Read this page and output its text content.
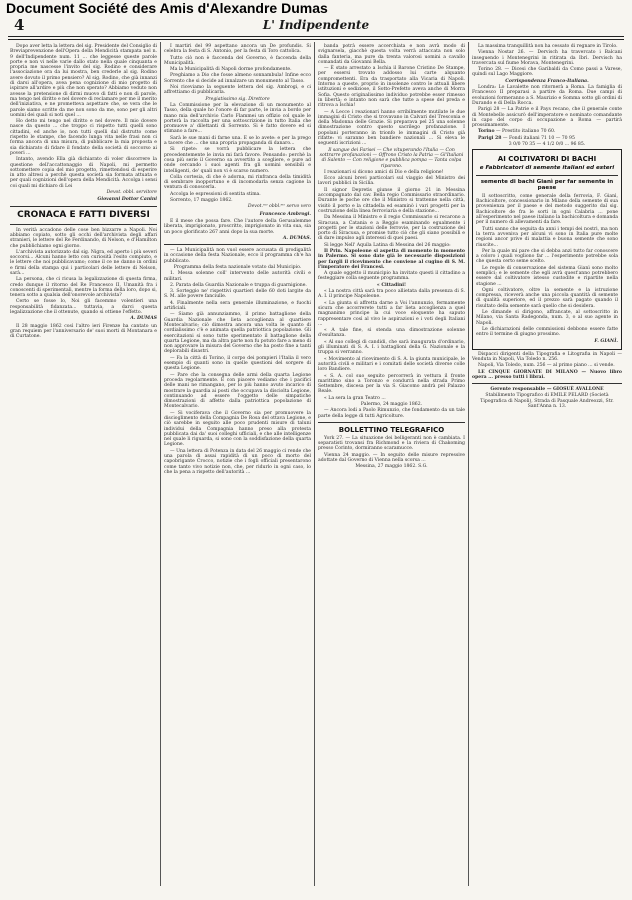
Document Société des Amis d'Alexandre Dumas
4	L' Indipendente

Dopo aver letta la lettera del sig. Presidente del Consiglio di Breviaprevenzione dell'Opera della Mendicità stampata nel n. 9 dell'Indipendente num. 11 ... che leggesse queste parole porte e non vi nelle varie dallo stato nella quale cinquanta e propria me nascesse l'invito del sig. Rodino e considerare l'associazione ora da lui mostra, ben crederle al sig. Rodino avere dovuto il primo pensiero? Al sig. Rodino, che già innanzi di darsi all'opera, avea pena cognizione di mio progetto di ispirare all'ardire e più che non sperato? Abbiamo veduto non avesse la pretensione di dirmi muovo di fatti e non di parole, ma tengo nel diritto e nel dovere di reclamare per me il merito dell'iniziativa, e ne prometteva aspettare che, se vera che le parole siamo scritte da me non sono da me, sono per gli altri uomini dei quali si noti quel ...

Ho detto mi tengo nel diritto e nel dovere. Il mio dovere nasce da questo ... che troppo ci rispetto tutti quelli sono cittadini, ed anche io, non tutti quelli dal distrutto come rispetto le stampe, che facendo lunga vita nelle frasi non ci forma ancora di una misura, di pubblicare la mia proposta e sia dichiarato di fidare il fondato della società di soccorso ai poveri ...

Intanto, avendo Ella già dichiarato di voler discorrere la questione dell'accattonaggio di Napoli, mi permetto sottomettere copia del mio progetto, rimettendosi di esperire in atto altresi a perchè questa società sia formata attuata e per quali cognizioni dell'opera della Mendicità. Accolga i sensi coi quali mi dichiaro di Lei

Devot. obbl. servitore
Giovanni Dottor Canini
CRONACA E FATTI DIVERSI

In verità accadono delle cose ben bizzarre a Napoli. Noi abbiamo copiato, sotto gli occhi dell'archivista degli affari stranieri, le lettere del Re Ferdinando, di Nelson, e d'Hamilton che pubblichiamo ogni giorno.

L'archivista autorizzato dal sig. Nigra, ed aperto i più severi soccorsi... Alcuni hanno letto con curiosità l'esito compiuto, e le lettere che noi pubblicavamo; come il ce ne danno in ordini e firmi della stampa qui i particolari delle lettere di Nelson, sarà...

La persona, che ci ricusa la legalizzazione di questa firma, credo dunque il ritorno del Re Francesco II, Umanità fra i conoscenti di sperimentali, mentre la forma della loro, dopo si, tenera sotto a qualsia dell'onorevole archivista?

Certo se fosse lo, Noi gli facemmo volentieri una responsabilità fidanzata... tuttavia, a darci questa legalizzazione che il ottenute, quando si ottiene l'effetto.

A. DUMAS

Il 28 maggio 1862 così l'altro ieri Firenze ha cantato un gran requiem per l'anniversario de' suoi morti di Montanara e di Curtatone.

I martiri del 99 aspettano ancora un De profundis. Si celebra la festa di S. Antonio, per la festa di Toro cattolica.

Tutto ciò non è faccenda del Governo, è faccenda della Municipalità.

Ma la Municipalità di Napoli dorme profondamente.

Preghiamo a Dio che fosse almeno sonnambula! Infine ecco Sorrento che si decide ad innalzare un monumento al Tasso.

Noi riceviamo la seguente lettera del sig. Ambrogi, e ci affrettiamo di pubblicarla.

Pregiatissimo sig. Direttore

La Commissione per la elevazione di un monumento al Tasso, della quale ho l'onore di far parte, le invia a bordo per mano mia dell'archivio Carlo Flammei un offizio col quale le porterà la raccolta per una sottoscrizione in tutto Italia che promuove a' dilettanti di Sorrento. Si è fatto dovere ed si stimano a fare...

Sarà le sue mani di farne una. E se lo avete: e per la prego a tacere che ... che una propria propaganda di danaro...

Si ripete: se vorrà pubblicare la lettera che precedentemente le invia mi farà favore. Pensando: perchè la cosa più serie il Governo sa avvertito a scegliere, e pure ad onde cercando i suoi agenti fra gli uomini sensibili e intelligenti, de' quali non vi è scarso numero.

Colla cortesia, di che è adorna, mi rinfranca della timidità di sembrare inopportuno e di incomodarla senza cagione la ventura di conoscerla.

Accolga le espressioni di sentita stima.

Sorrento, 17 maggio 1862.

Devot.ᵐᵒ obbl.ᵐᵒ servo vero
Francesco Ambrogi.

E il mese che possa fare. Che l'autore della Gerusalemme liberata, imprigionato, proscritto, imprigionato in vita sua, sia un poco glorificato 267 anni dopo la sua morte.

A. DUMAS.

— La Municipalità non vuol essere accusata di prodigalità in occasione della festa Nazionale, ecco il programma ch'e ha pubblicato.

Programma della festa nazionale votato dal Municipio.

1. Messa solenne coll' intervento delle autorità civili e militari.

2. Parata della Guardia Nazionale e truppa di guarnigione.

3. Sorteggio ne' rispettivi quartieri delle 60 doti largite da S. M. alle povere fanciulle.

4. Finalmente nella sera generale illuminazione, e fuochi artificiali.

— Siamo già annunziammo, il primo battaglione della Guardia Nazionale che lieta accoglienza al quartiere Montecalvario; ciò dimostra ancora una volta le quanto di cordialissimo c'è e animata quella patriottica popolazione. Gli esercitazioni si sono tutte sperimentato il battaglione della quarta Legione, ma da altra parte non fu potuto fare a meno di non approvare la misura del Governo che ha posto fine a tanti deplorabili disastri.

— Fa la città di Torino, il corpo dei pompieri l'Italia il vero esempio di quanti sono in quelle questioni del sorgere di questa Legione.

— Pare che la consegna delle armi della quarta Legione proceda regolarmente. E con piacere vediamo che i pacifici delle mani ne rimangano, per lo più hanno avuto incarico di mostrare la guardia ai posti che occupava la disciolta Legione, continuando ad essere l'oggetto delle simpatiche dimostrazioni di affetto dalla patriottica popolazione di Montecalvario.

— Si vociferava che il Governo sia per promuovere la discioglimento della Compagnia De Rosa del ottava Legione, e ciò sarebbe in seguito alle poco prudenti misure di taluni individui della Compagnia hanno preso alla protesta pubblicata dai da' suoi colleghi ufficiali, e che alle intelligenze nel quale li riguarda, si sono con la soddisfazione della quarta Legione.

— Una lettera di Potenza in data del 26 maggio ci rende che una parola di assai rapidità di un poco di morto del capobrigante Crocco, notizie che i fogli officiali presentarono come tanto vivo notizie non, che, per ridurlo in ogni caso, lo che la pena a rispetto dell'autorità ...

banda potrà essere accerchiata e non avrà modo di svignarsela, giacchè questa volta verrà attaccata non solo dalla fanteria, ma pure da trenta valorosi uomini a cavallo comandati da Giovanni Bella.

— È stato arrestato a Ischia il Barone Cristino De Stampe, per essersi trovato addosso lui carte alquanto compromettenti. Era da trasportato alla Vicaria di Napoli. Intorno a queste, proprio in insolenze contro le attuali libere istituzioni e sediziose, il Sotto-Prefetto aveva anche di Morra Sofia. Questo originalissimo individuo potrebbe esser rimesso in libertà; e intanto non sarà che tutte a spese del preda e ritrova a Ischia!

— A Lecce i reazionari hanno orribilmente mutilate le due immagini di Cristo che si trovavano in Calvari del Tresconia e della Madonna delle Grazie. Si preparava pel 25 una solenne dimostrazione contro questo sacrilego profanazione. I popolani porteranno in trionfo le immagini di Cristo già rifatte: vi saranno ben bandiere nazionali ... Si eleva le seguenti iscrizioni ...

Il sangue dei Farisei — Che vituperando l'Italia — Con sottrarre profanazioni — Offrono Cristo la Patria — Gl'Italiani di Salento — Con religione e pubblica pompa — Tanta colpa riparono.

I reazionari si dicono amici di Dio e della religione!

Ecco alcuni brevi particolari sul viaggio del Ministro dei lavori pubblici in Sicilia.

Il signor Depretis giunse il giorno 21 in Messina accompagnato dal cav. Bella regio Commissario straordinario. Durante le poche ore che il Ministro si trattenne nella città, visitò il porto e la cittadella ed esaminò i vari progetti per la costruzione della linea ferroviaria e della stazione...

Da Messina il Ministro e il regio Commissario si recarono a Siracusa, a Catania e a Reggio esaminando egualmente i progetti per le stazioni delle ferrovie, per la costruzione del porto di Siracusa, e promise tutto ciò che gli siano possibili e di dare impulso agli interessi di quei paesi.

Si legge Nell' Aquila Latina di Messina del 26 maggio:

Il Prin. Napoleone si aspetta di momento in momento in Palermo. Si sono date già le necessarie disposizioni per fargli il ricevimento che conviene al cugino di S. M. l'imperatore dei Francesi.

A quale oggetto il municipio ha invitato questi il cittadino a festeggiare colla seguente programma.

« Cittadini!

« La nostra città sarà tra poco allietata dalla presenza di S. A. I. il principe Napoleone.

« La giunta si affretta darne a Voi l'annunzio, fermamente sicura che accorrerete tutti a far lieta accoglienza a quel magnanimo principe la cui voce eloquente ha saputo rappresentare così al vivo le aspirazioni e i voti degli Italiani ...

« A tale fine, si stenda una dimostrazione solenne d'esultanza.

« Al suo collegi di candidi, che sarà inaugurata d'ordinario, gli illuminati di S. A. I. i battaglioni della G. Nazionale e la truppa si verranno.

« Movimento al ricevimento di S. A. la giunta municipale, le autorità civili e militari e i comitati delle società diverse colle loro Bandiere.

« S. A. col suo seguito percorrerà in vettura il fronte marittimo sino a Toronzo e condurrà nella strada Primo Settembre, discesa per la via S. Giacomo andrà pel Palazzo Reale.

« La sera la gran Teatro ...

Palermo, 24 maggio 1862.

— Ancora lodi a Paolo Rimunzio, che fondamento da un tale parte della legge di tutti Agricolture.

BOLLETTINO TELEGRAFICO

York 27. — La situazione dei belligeranti non è cambiata. I separatisti trovansi fra Richmond e la riviera di Chakoming presso Corinto, dormiranno scaramucce.

Vienna 24 maggio. — In seguito delle misure repressive adottate dal Governo di Vienna nella scorsa ...

Messina, 27 maggio 1862. S.G.

La massima tranquillità non ha cessato di regnare in Tirolo.

Vienna Nostar 26. — Dervisch ha travercato i Balcani inseguendo i Montenegrini in ritirata da Ibrì. Dervisch ha travercata sul fiume Morava, Montenegrini.

Torino 28. — Dicesi che Garibaldi da Como passi a Varese, quindi sul Lago Maggiore.

Corrispondenza Franco-Italiana.

Londra: Lo Lavalette non ritornerà a Roma. La famiglia di Francesco II preparasi a partire da Roma. Due campi di evoluzioni formeranno a S. Maurizio e Somma sotto gli ordini di Durando e di Della Rocca.

Parigi 28 — La Patrie e il Pays recano, che il generale conte di Montebello assicurò dell'imperatore e nominato comandante in capo del corpo di occupazione a Roma — partirà prossimamente.

Torino — Prestito italiano 70 60.

Parigi 28 — Fondi italiani 71 10 — 70 95

3 0/0 70 35 — 4 1/2 0/0 ... 96 85.

AI COLTIVATORI DI BACHI
e Fabbricatori di semente italiani ed esteri
semente di bachi Gianì per far semente in paese

Il sottoscritto, come generale della ferrovia, F. Gianì, Bachicoltore, concessionario in Milano della semente di sua provenienza per il paese e del metodo suggerito dal sig. Bachicoltore de fra le sorti in ogni Calabria ... pone all'esperimento nel paese italiano la bachicoltura e domanda per il numero di allevamenti da fare.

Tutti sanno che seguita da anni i tempi dei nostri, ma non la terra avveniva per alcuni vi sono in Italia pure molte regioni ancor prive di malattia e buona semente che sono riuscite...

Per la quale mi pare che si debba anzi tutto far conoscere a coloro i quali vogliono far ... l'esperimento potrebbe sola che questa certo seme scelto.

Le regole di conservazione del sistema Gianì sono molto semplici; e le semente che egli avrà quest'anno potrebbero essere dal coltivatore istesso custodite e ripartite nella stagione ...

Ogni coltivatore, oltre la semente e la istruzione compressa, riceverà anche una piccola quantità di semente di qualità superiore, ed il prezzo sarà pagato quando il risultato della semente sarà quello che si desidera.

Le dimande si dirigono, affrancate, al sottoscritto in Milano, via Santa Radegonda, num. 3, o al suo agente in Napoli.

Le dichiarazioni delle commissioni debbono essere fatte entro il termine di giugno prossimo.

F. GIANÌ.

Dispacci dirigenti della Tipografia e Litografia in Napoli — Venduta in Napoli, Via Toledo n. 256.

Napoli, Via Toledo, num. 256 — al primo piano ... si vende.

LE CINQUE GIORNATE DI MILANO — Nuovo libro opera ... presso tutti i librai.

Gerente responsabile — GIOSUÈ AVALLONE
Stabilimento Tipografico di EMILE PELARD (Società Tipografica di Napoli), Strada di Pasquale Andreozzi, Str. Sant'Anna n. 13.
